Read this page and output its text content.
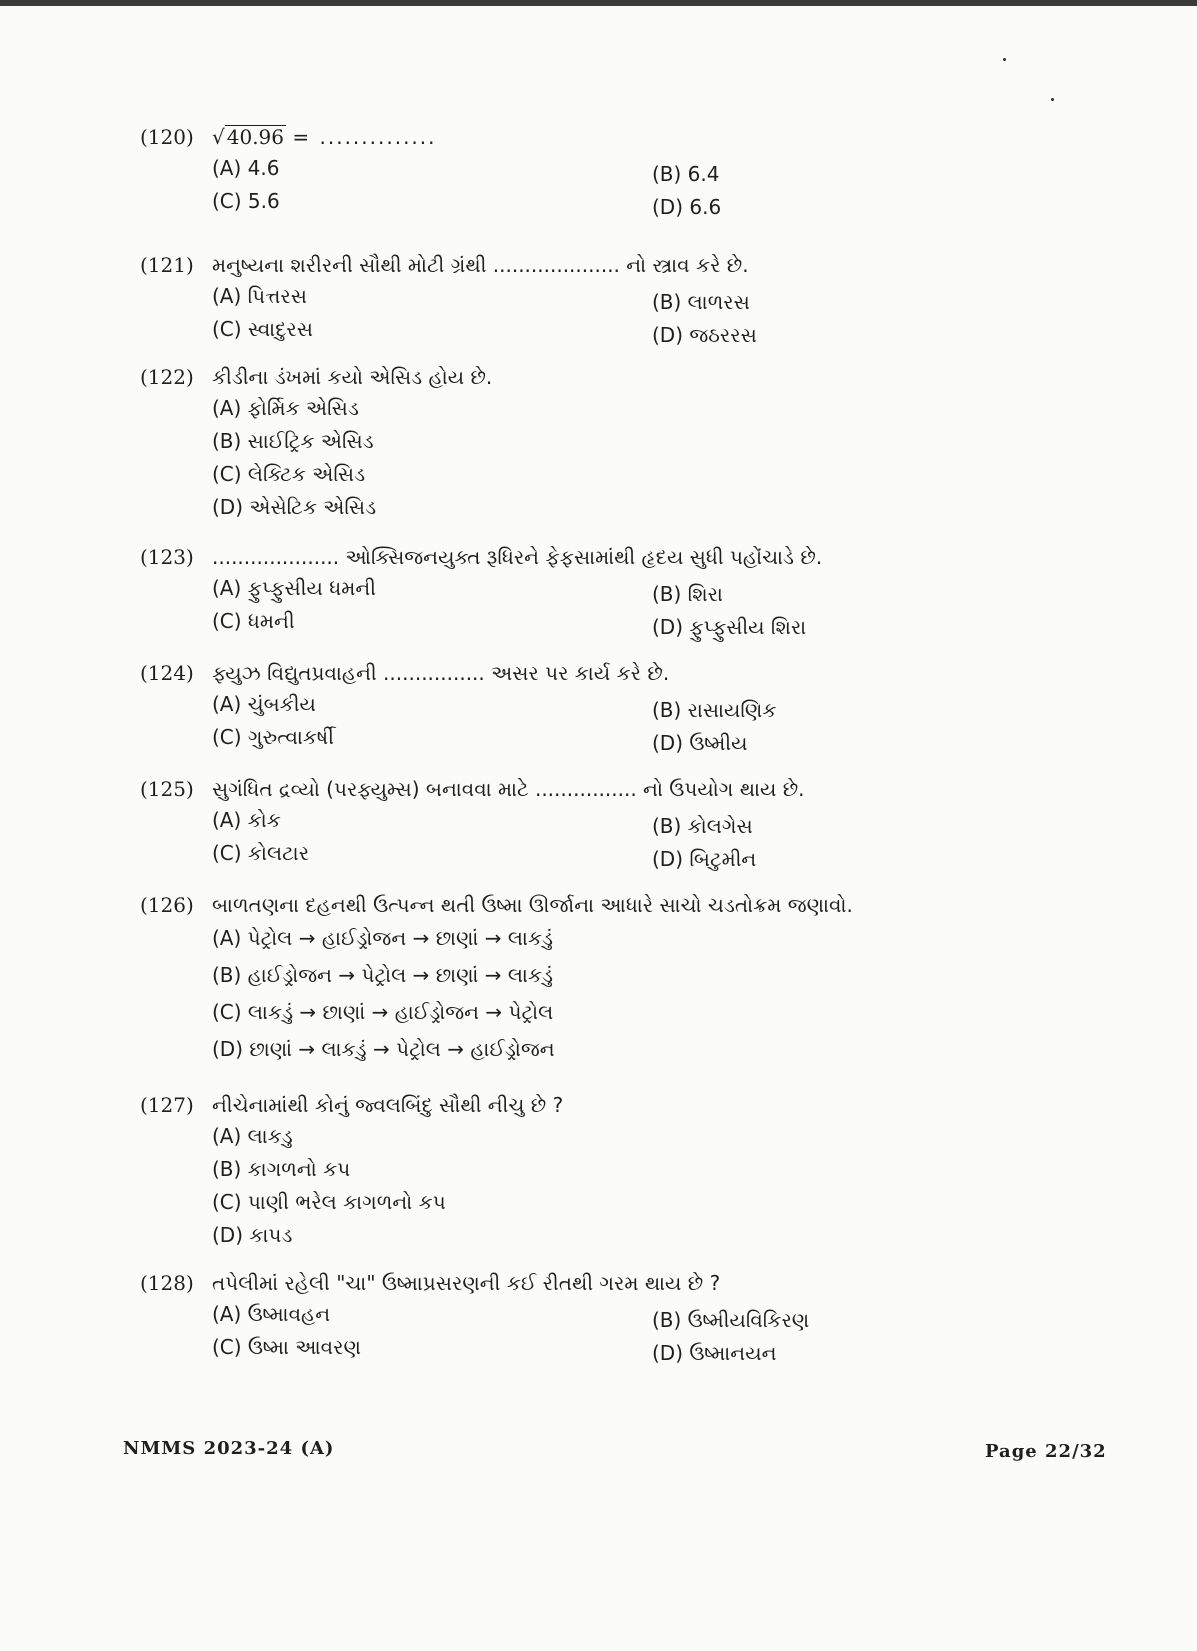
(120) √ 40.96 = ..............
(A) 4.6	(B) 6.4
(C) 5.6	(D) 6.6
(121) મનુષ્યના શરીરની સૌથી મોટી ગ્રંથી .................... નો સ્ત્રાવ કરે છે.
(A) પિત્તરસ	(B) લાળરસ
(C) સ્વાદુરસ	(D) જઠરરસ
(122) કીડીના ડંખમાં કયો એસિડ હોય છે.
(A) ફોર્મિક એસિડ
(B) સાઈટ્રિક એસિડ
(C) લેક્ટિક એસિડ
(D) એસેટિક એસિડ
(123) .................... ઓક્સિજનયુક્ત રૂધિરને ફેફસામાંથી હૃદય સુધી પહોંચાડે છે.
(A) ફુપ્ફુસીય ધમની	(B) શિરા
(C) ધમની	(D) ફુપ્ફુસીય શિરા
(124) ફ્યુઝ વિદ્યુતપ્રવાહની ................ અસર પર કાર્ય કરે છે.
(A) ચુંબકીય	(B) રાસાયણિક
(C) ગુરુત્વાકર્ષી	(D) ઉષ્મીય
(125) સુગંધિત દ્રવ્યો (પરફ્યુમ્સ) બનાવવા માટે ................ નો ઉપયોગ થાય છે.
(A) કોક	(B) કોલગેસ
(C) કોલટાર	(D) બિટુમીન
(126) બાળતણના દહનથી ઉત્પન્ન થતી ઉષ્મા ઊર્જાના આધારે સાચો ચડતોક્રમ જણાવો.
(A) પેટ્રોલ → હાઈડ્રોજન → છાણાં → લાકડું
(B) હાઈડ્રોજન → પેટ્રોલ → છાણાં → લાકડું
(C) લાકડું → છાણાં → હાઈડ્રોજન → પેટ્રોલ
(D) છાણાં → લાકડું → પેટ્રોલ → હાઈડ્રોજન
(127) નીચેનામાંથી કોનું જ્વલબિંદુ સૌથી નીચુ છે ?
(A) લાકડુ
(B) કાગળનો કપ
(C) પાણી ભરેલ કાગળનો કપ
(D) કાપડ
(128) તપેલીમાં રહેલી "ચા" ઉષ્માપ્રસરણની કઈ રીતથી ગરમ થાય છે ?
(A) ઉષ્માવહન	(B) ઉષ્મીયવિકિરણ
(C) ઉષ્મા આવરણ	(D) ઉષ્માનયન
NMMS 2023-24 (A)	Page 22/32
